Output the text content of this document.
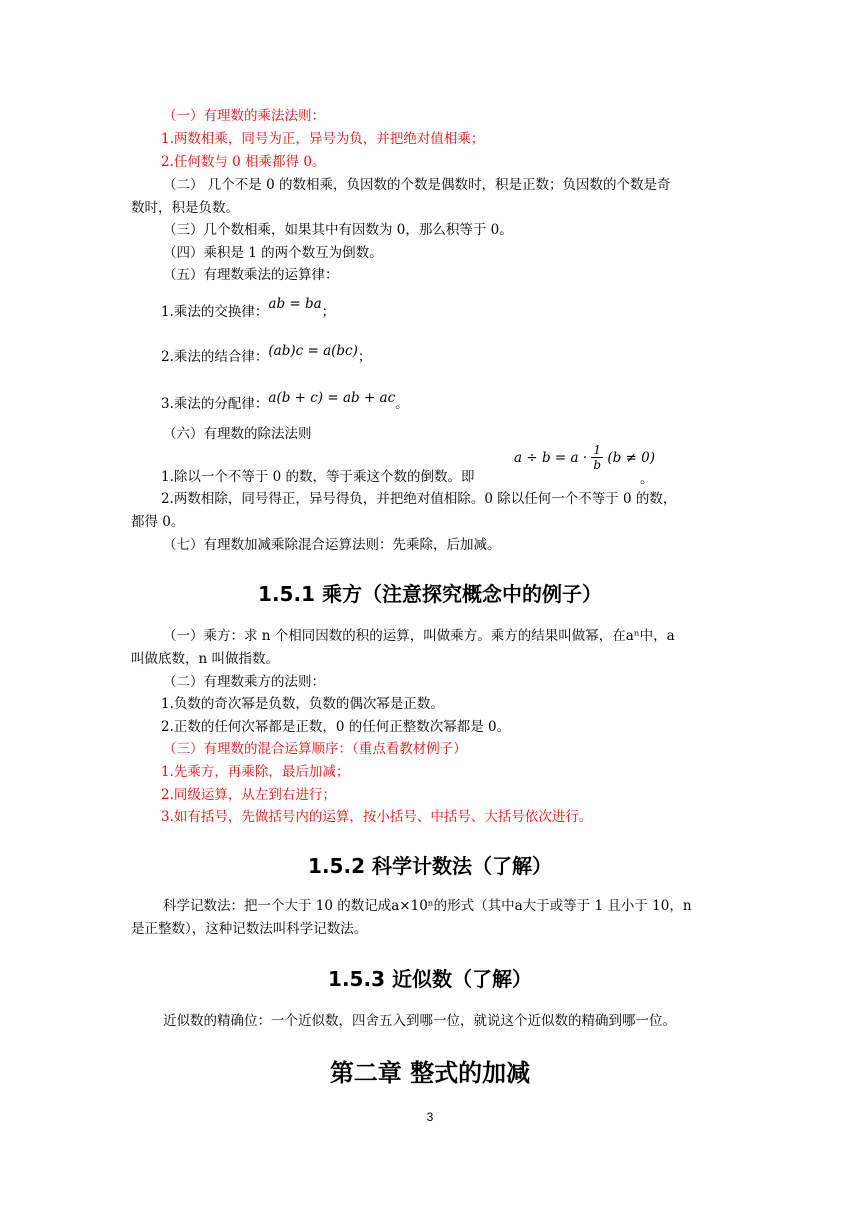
（一）有理数的乘法法则：
1.两数相乘，同号为正，异号为负，并把绝对值相乘；
2.任何数与 0 相乘都得 0。
（二） 几个不是 0 的数相乘，负因数的个数是偶数时，积是正数；负因数的个数是奇
数时，积是负数。
（三）几个数相乘，如果其中有因数为 0，那么积等于 0。
（四）乘积是 1 的两个数互为倒数。
（五）有理数乘法的运算律：
1.乘法的交换律：ab = ba；
2.乘法的结合律：(ab)c = a(bc)；
3.乘法的分配律：a(b + c) = ab + ac。
（六）有理数的除法法则
1.除以一个不等于 0 的数，等于乘这个数的倒数。即
$a \div b = a \cdot \frac{1}{b} (b \ne 0)$
。
2.两数相除，同号得正，异号得负，并把绝对值相除。0 除以任何一个不等于 0 的数，
都得 0。
（七）有理数加减乘除混合运算法则：先乘除，后加减。
1.5.1 乘方（注意探究概念中的例子）
（一）乘方：求 n 个相同因数的积的运算，叫做乘方。乘方的结果叫做幂，在aⁿ中，a
叫做底数，n 叫做指数。
（二）有理数乘方的法则：
1.负数的奇次幂是负数，负数的偶次幂是正数。
2.正数的任何次幂都是正数，0 的任何正整数次幂都是 0。
（三）有理数的混合运算顺序：（重点看教材例子）
1.先乘方，再乘除，最后加减；
2.同级运算，从左到右进行；
3.如有括号，先做括号内的运算，按小括号、中括号、大括号依次进行。
1.5.2 科学计数法（了解）
科学记数法：把一个大于 10 的数记成a×10ⁿ的形式（其中a大于或等于 1 且小于 10，n
是正整数），这种记数法叫科学记数法。
1.5.3 近似数（了解）
近似数的精确位：一个近似数，四舍五入到哪一位，就说这个近似数的精确到哪一位。
第二章 整式的加减
3
